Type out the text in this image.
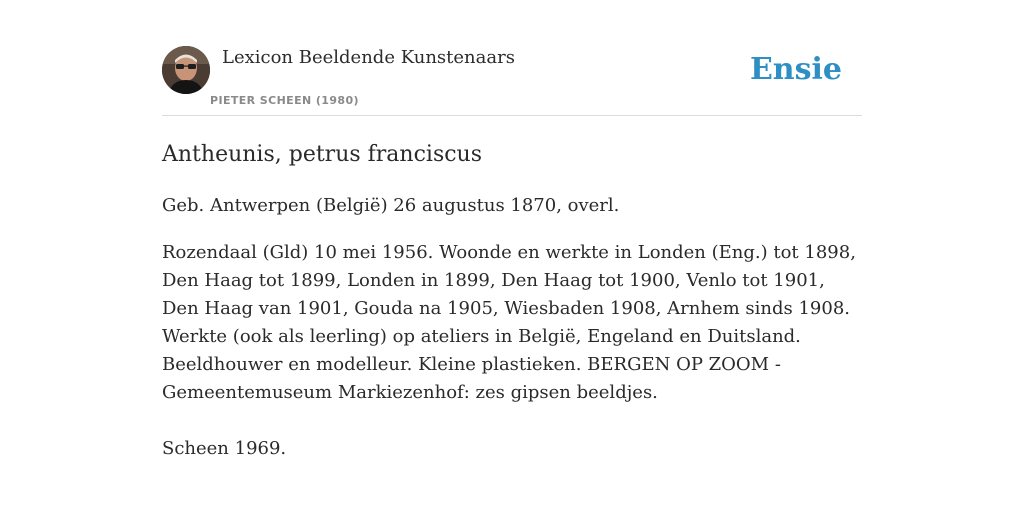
Lexicon Beeldende Kunstenaars
PIETER SCHEEN (1980)
Ensie
Antheunis, petrus franciscus

Geb. Antwerpen (België) 26 augustus 1870, overl.

Rozendaal (Gld) 10 mei 1956. Woonde en werkte in Londen (Eng.) tot 1898, Den Haag tot 1899, Londen in 1899, Den Haag tot 1900, Venlo tot 1901, Den Haag van 1901, Gouda na 1905, Wiesbaden 1908, Arnhem sinds 1908. Werkte (ook als leerling) op ateliers in België, Engeland en Duitsland. Beeldhouwer en modelleur. Kleine plastieken. BERGEN OP ZOOM -Gemeentemuseum Markiezenhof: zes gipsen beeldjes.

Scheen 1969.
